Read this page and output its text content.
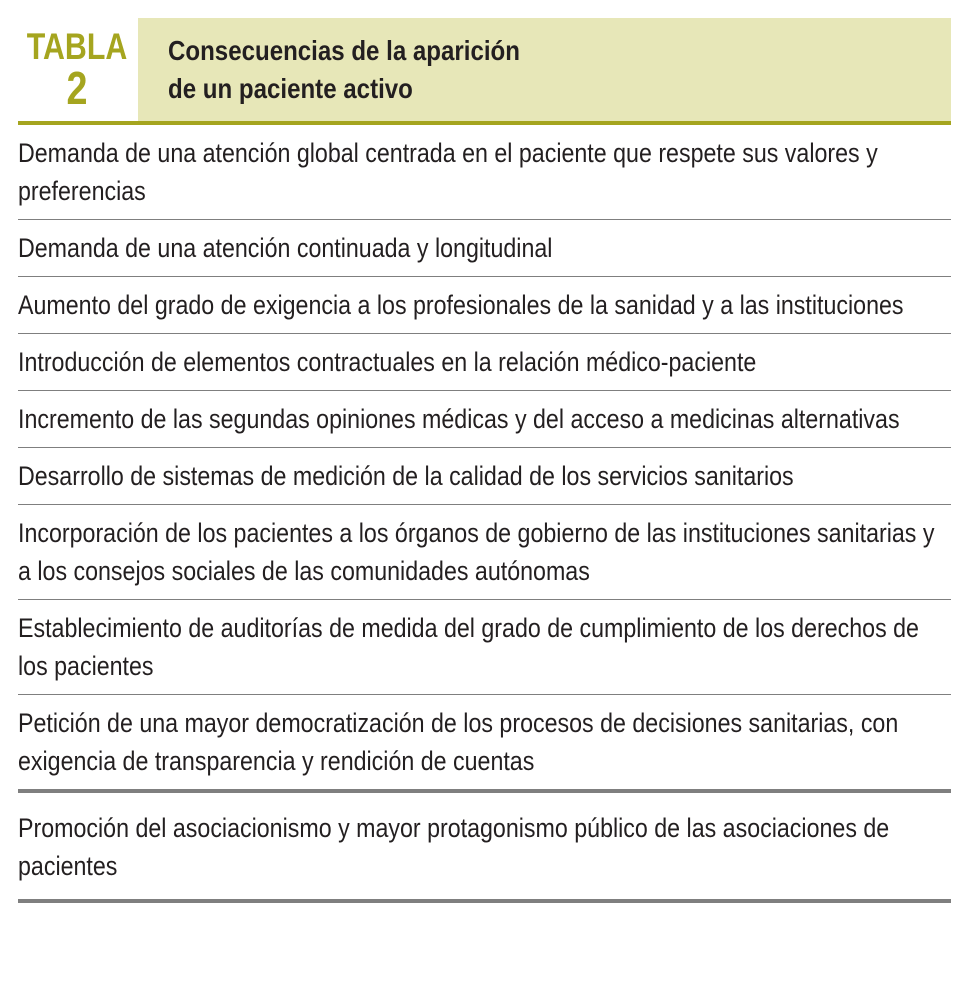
TABLA
2
Consecuencias de la aparición
de un paciente activo
Demanda de una atención global centrada en el paciente que respete sus valores y preferencias
Demanda de una atención continuada y longitudinal
Aumento del grado de exigencia a los profesionales de la sanidad y a las instituciones
Introducción de elementos contractuales en la relación médico-paciente
Incremento de las segundas opiniones médicas y del acceso a medicinas alternativas
Desarrollo de sistemas de medición de la calidad de los servicios sanitarios
Incorporación de los pacientes a los órganos de gobierno de las instituciones sanitarias y a los consejos sociales de las comunidades autónomas
Establecimiento de auditorías de medida del grado de cumplimiento de los derechos de los pacientes
Petición de una mayor democratización de los procesos de decisiones sanitarias, con exigencia de transparencia y rendición de cuentas
Promoción del asociacionismo y mayor protagonismo público de las asociaciones de pacientes
